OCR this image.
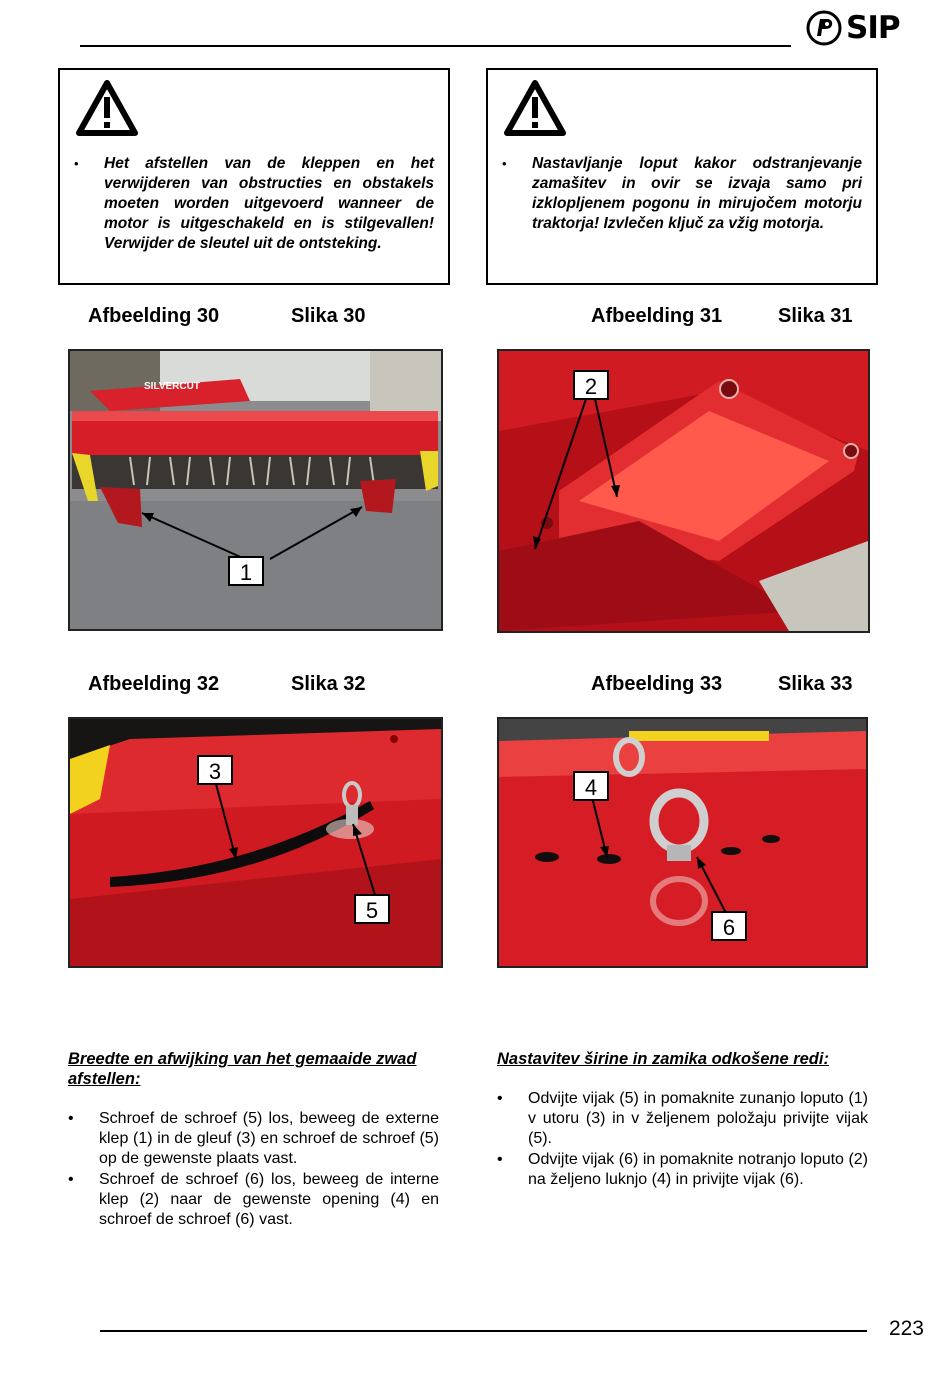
SIP
• Het afstellen van de kleppen en het verwijderen van obstructies en obstakels moeten worden uitgevoerd wanneer de motor is uitgeschakeld en is stilgevallen! Verwijder de sleutel uit de ontsteking.
• Nastavljanje loput kakor odstranjevanje zamašitev in ovir se izvaja samo pri izklopljenem pogonu in mirujočem motorju traktorja! Izvlečen ključ za vžig motorja.
Afbeelding 30	Slika 30	Afbeelding 31	Slika 31
SILVERCUT
1
2
Afbeelding 32	Slika 32	Afbeelding 33	Slika 33
3
5
4
6
Breedte en afwijking van het gemaaide zwad afstellen:
• Schroef de schroef (5) los, beweeg de externe klep (1) in de gleuf (3) en schroef de schroef (5) op de gewenste plaats vast.
• Schroef de schroef (6) los, beweeg de interne klep (2) naar de gewenste opening (4) en schroef de schroef (6) vast.
Nastavitev širine in zamika odkošene redi:
• Odvijte vijak (5) in pomaknite zunanjo loputo (1) v utoru (3) in v želјenem položaju privijte vijak (5).
• Odvijte vijak (6) in pomaknite notranjo loputo (2) na želјeno luknjo (4) in privijte vijak (6).
223
